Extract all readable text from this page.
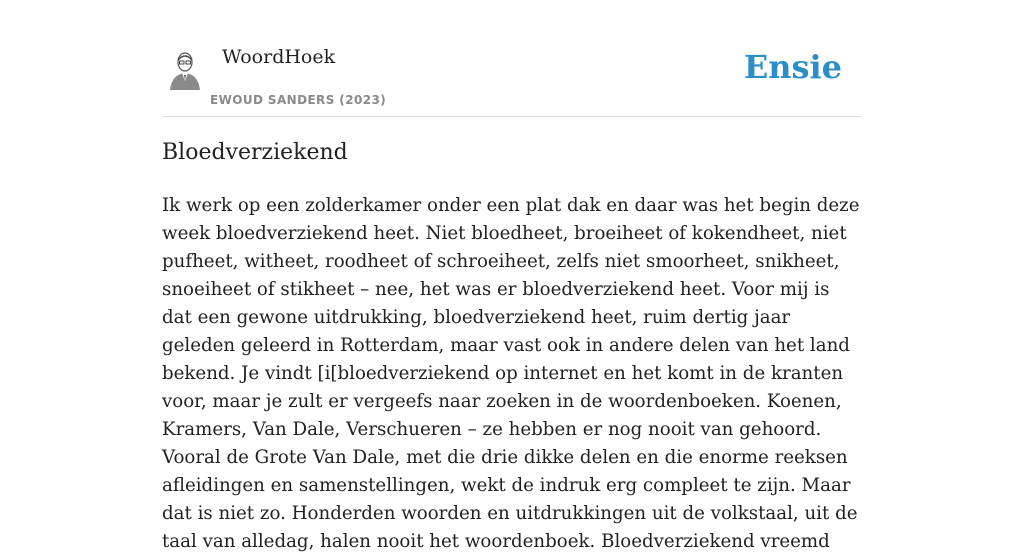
WoordHoek
EWOUD SANDERS (2023)
Ensie
Bloedverziekend

Ik werk op een zolderkamer onder een plat dak en daar was het begin deze week bloedverziekend heet. Niet bloedheet, broeiheet of kokendheet, niet pufheet, witheet, roodheet of schroeiheet, zelfs niet smoorheet, snikheet, snoeiheet of stikheet – nee, het was er bloedverziekend heet. Voor mij is dat een gewone uitdrukking, bloedverziekend heet, ruim dertig jaar geleden geleerd in Rotterdam, maar vast ook in andere delen van het land bekend. Je vindt [i[bloedverziekend op internet en het komt in de kranten voor, maar je zult er vergeefs naar zoeken in de woordenboeken. Koenen, Kramers, Van Dale, Verschueren – ze hebben er nog nooit van gehoord. Vooral de Grote Van Dale, met die drie dikke delen en die enorme reeksen afleidingen en samenstellingen, wekt de indruk erg compleet te zijn. Maar dat is niet zo. Honderden woorden en uitdrukkingen uit de volkstaal, uit de taal van alledag, halen nooit het woordenboek. Bloedverziekend vreemd
